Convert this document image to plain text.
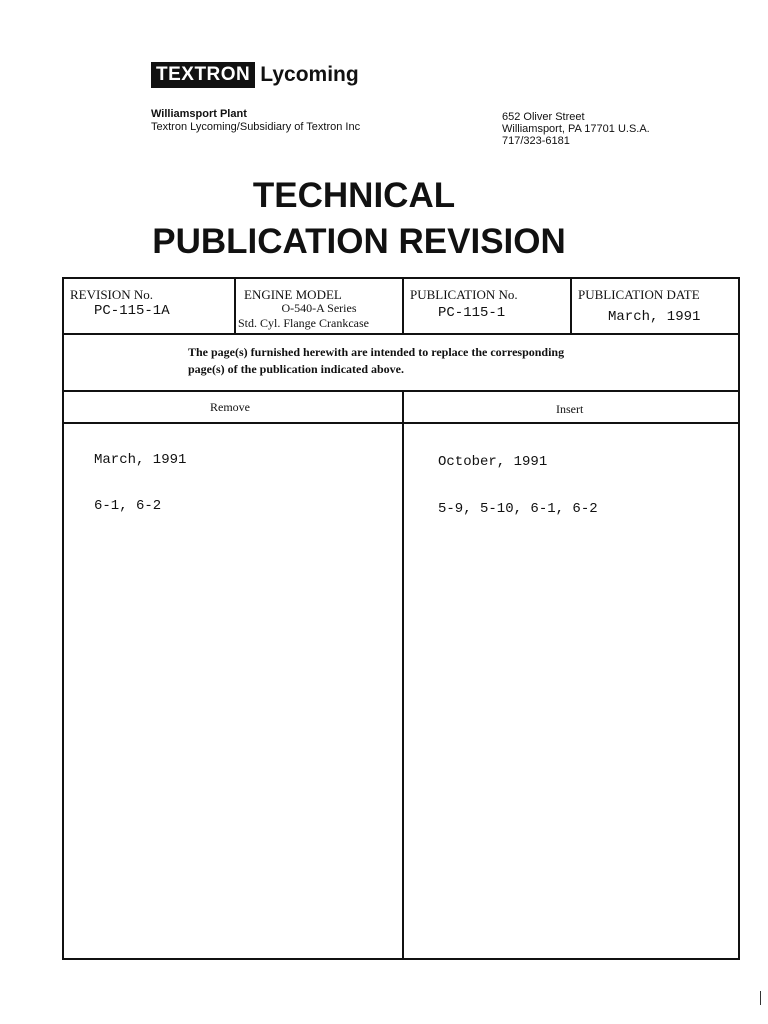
TEXTRON Lycoming
Williamsport Plant
Textron Lycoming/Subsidiary of Textron Inc
652 Oliver Street
Williamsport, PA 17701 U.S.A.
717/323-6181
TECHNICAL
PUBLICATION REVISION
REVISION No.
PC-115-1A
ENGINE MODEL
O-540-A Series
Std. Cyl. Flange Crankcase
PUBLICATION No.
PC-115-1
PUBLICATION DATE
March, 1991
The page(s) furnished herewith are intended to replace the corresponding
page(s) of the publication indicated above.
Remove	Insert
March, 1991
6-1, 6-2
October, 1991
5-9, 5-10, 6-1, 6-2
